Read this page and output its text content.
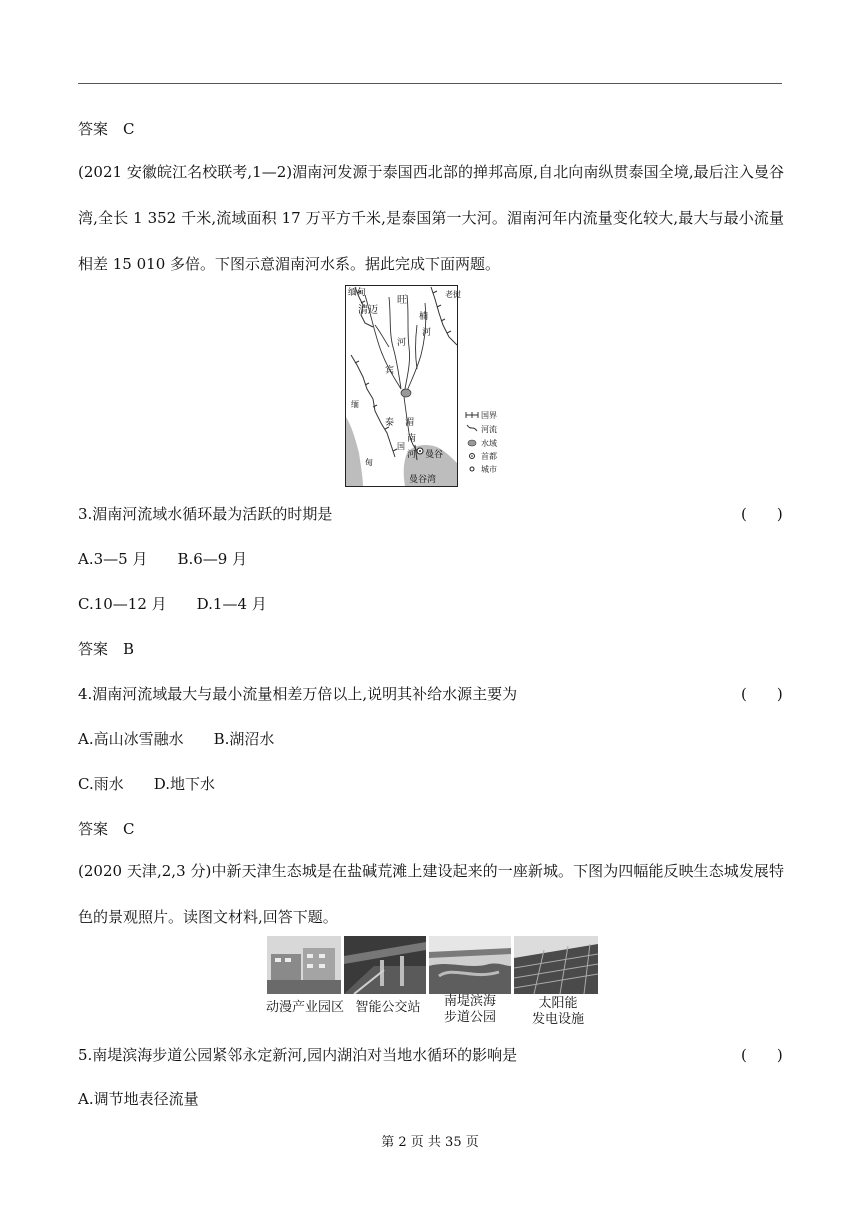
答案　C
(2021 安徽皖江名校联考,1—2)湄南河发源于泰国西北部的掸邦高原,自北向南纵贯泰国全境,最后注入曼谷湾,全长 1 352 千米,流域面积 17 万平方千米,是泰国第一大河。湄南河年内流量变化较大,最大与最小流量相差 15 010 多倍。下图示意湄南河水系。据此完成下面两题。
缅甸	老挝
清迈
旺
楠
河
河
宾
泰
国
缅
甸
湄
南
河 曼谷
曼谷湾
国界
河流
水域
首都
城市
3.湄南河流域水循环最为活跃的时期是	(　　)
A.3—5 月　　B.6—9 月
C.10—12 月　　D.1—4 月
答案　B
4.湄南河流域最大与最小流量相差万倍以上,说明其补给水源主要为	(　　)
A.高山冰雪融水　　B.湖沼水
C.雨水　　D.地下水
答案　C
(2020 天津,2,3 分)中新天津生态城是在盐碱荒滩上建设起来的一座新城。下图为四幅能反映生态城发展特色的景观照片。读图文材料,回答下题。
动漫产业园区 智能公交站	南堤滨海
步道公园
太阳能
发电设施
5.南堤滨海步道公园紧邻永定新河,园内湖泊对当地水循环的影响是	(　　)
A.调节地表径流量
第 2 页 共 35 页
